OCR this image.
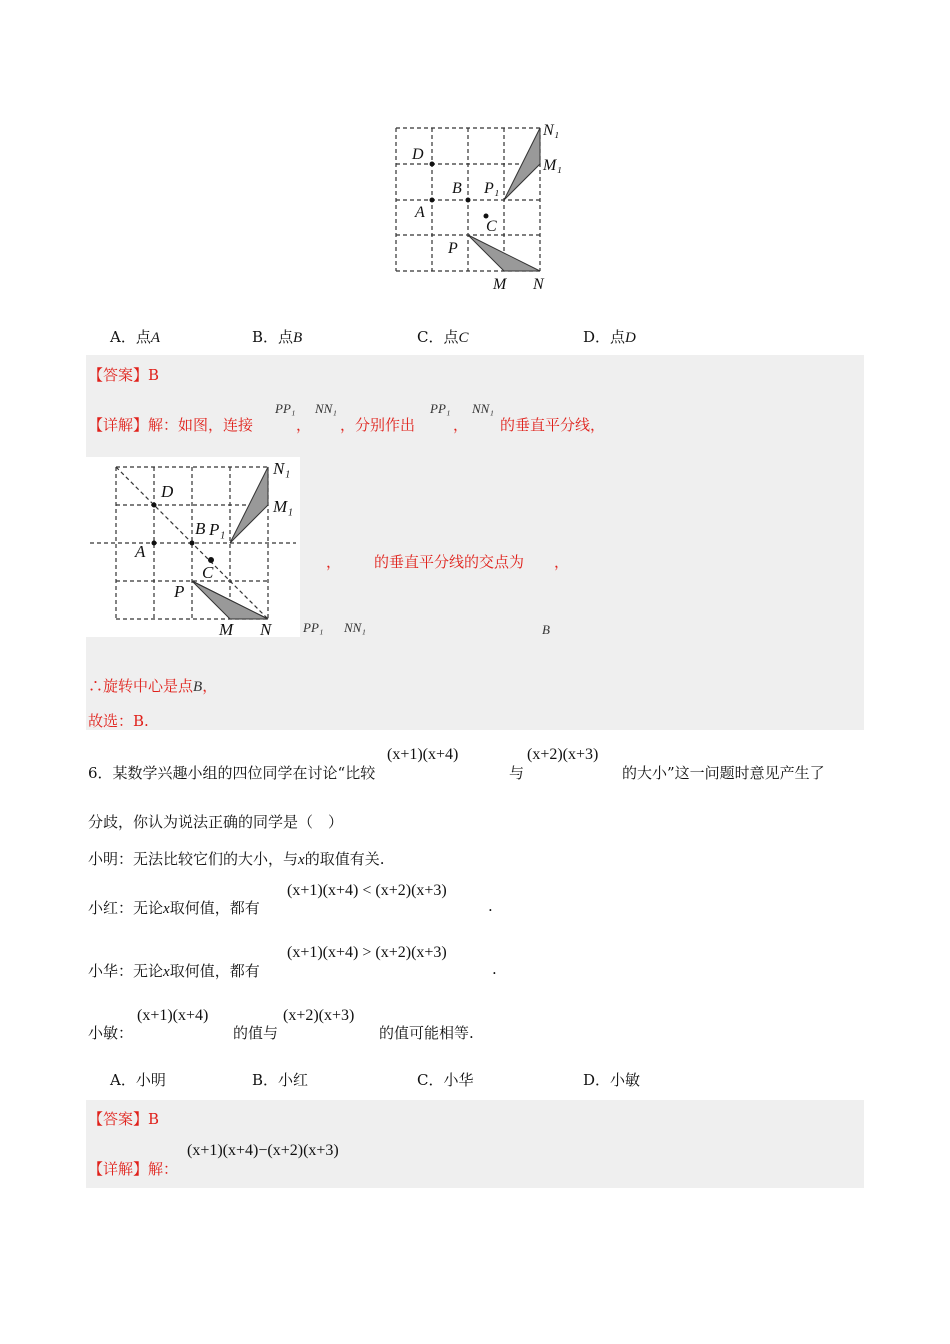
D
B P₁
A
C
P
M N
N₁
M₁
A．点A	B．点B	C．点C	D．点D
【答案】B
【详解】解：如图，连接
PP₁
，
NN₁
，分别作出
PP₁
，
NN₁
的垂直平分线，
D
B P₁
A
C
P
M N
N₁
M₁
， 的垂直平分线的交点为 ，
PP₁ NN₁	B
∴旋转中心是点B，
故选：B.
6．某数学兴趣小组的四位同学在讨论“比较
(x+1)(x+4)
与
(x+2)(x+3)
的大小”这一问题时意见产生了
分歧，你认为说法正确的同学是（　）
小明：无法比较它们的大小，与x的取值有关.
小红：无论x取何值，都有
(x+1)(x+4) < (x+2)(x+3)
.
小华：无论x取何值，都有
(x+1)(x+4) > (x+2)(x+3)
.
小敏：
(x+1)(x+4)
的值与
(x+2)(x+3)
的值可能相等.
A．小明	B．小红	C．小华	D．小敏
【答案】B
【详解】解：
(x+1)(x+4)−(x+2)(x+3)
